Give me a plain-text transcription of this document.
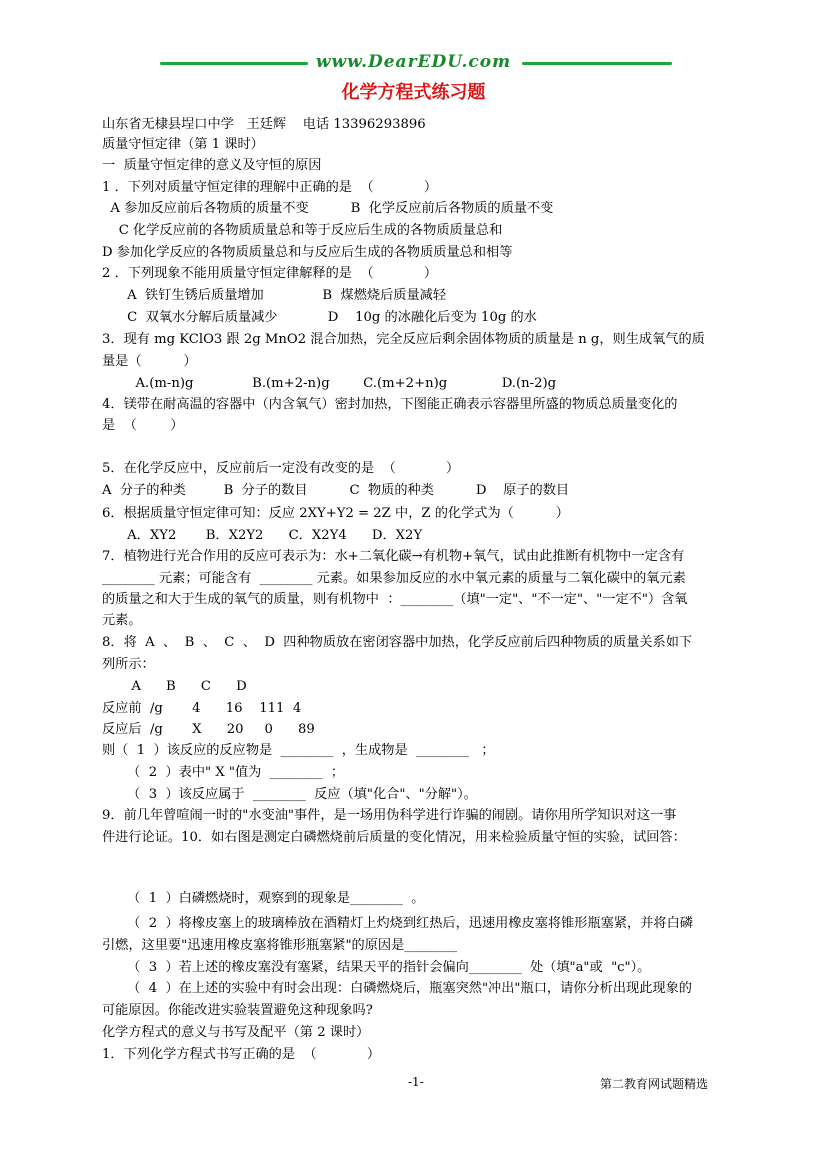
www.DearEDU.com
化学方程式练习题
山东省无棣县埕口中学   王廷辉    电话 13396293896
质量守恒定律（第 1 课时）
一  质量守恒定律的意义及守恒的原因
1 ．下列对质量守恒定律的理解中正确的是  （            ）
A 参加反应前后各物质的质量不变          B  化学反应前后各物质的质量不变
C 化学反应前的各物质质量总和等于反应后生成的各物质质量总和
D 参加化学反应的各物质质量总和与反应后生成的各物质质量总和相等
2 ．下列现象不能用质量守恒定律解释的是  （            ）
A  铁钉生锈后质量增加              B  煤燃烧后质量减轻
C  双氧水分解后质量减少            D    10g 的冰融化后变为 10g 的水
3．现有 mg KClO3 跟 2g MnO2 混合加热，完全反应后剩余固体物质的质量是 n g，则生成氧气的质
量是（          ）
A.(m-n)g              B.(m+2-n)g        C.(m+2+n)g             D.(n-2)g
4．镁带在耐高温的容器中（内含氧气）密封加热，下图能正确表示容器里所盛的物质总质量变化的
是  （        ）
5．在化学反应中，反应前后一定没有改变的是  （            ）
A  分子的种类         B  分子的数目          C  物质的种类          D    原子的数目
6．根据质量守恒定律可知：反应 2XY+Y2 = 2Z 中，Z 的化学式为（          ）
A．XY2       B．X2Y2      C．X2Y4      D．X2Y
7．植物进行光合作用的反应可表示为：水+二氧化碳→有机物+氧气，试由此推断有机物中一定含有
________ 元素；可能含有  ________ 元素。如果参加反应的水中氧元素的质量与二氧化碳中的氧元素
的质量之和大于生成的氧气的质量，则有机物中  ：________（填"一定"、"不一定"、"一定不"）含氧
元素。
8．将  A  、  B  、  C  、  D  四种物质放在密闭容器中加热，化学反应前后四种物质的质量关系如下
列所示：
A      B      C      D
反应前  /g       4      16    111  4
反应后  /g       X      20     0      89
则（  1  ）该反应的反应物是  ________  ，生成物是  ________   ；
（  2  ）表中" X "值为  ________  ；
（  3  ）该反应属于  ________  反应（填"化合"、"分解"）。
9．前几年曾喧闹一时的"水变油"事件，是一场用伪科学进行诈骗的闹剧。请你用所学知识对这一事
件进行论证。10．如右图是测定白磷燃烧前后质量的变化情况，用来检验质量守恒的实验，试回答：
（  1  ）白磷燃烧时，观察到的现象是________  。
（  2  ）将橡皮塞上的玻璃棒放在酒精灯上灼烧到红热后，迅速用橡皮塞将锥形瓶塞紧，并将白磷
引燃，这里要"迅速用橡皮塞将锥形瓶塞紧"的原因是________
（  3  ）若上述的橡皮塞没有塞紧，结果天平的指针会偏向________  处（填"a"或  "c"）。
（  4  ）在上述的实验中有时会出现：白磷燃烧后，瓶塞突然"冲出"瓶口，请你分析出现此现象的
可能原因。你能改进实验装置避免这种现象吗?
化学方程式的意义与书写及配平（第 2 课时）
1．下列化学方程式书写正确的是  （            ）
-1-	第二教育网试题精选
